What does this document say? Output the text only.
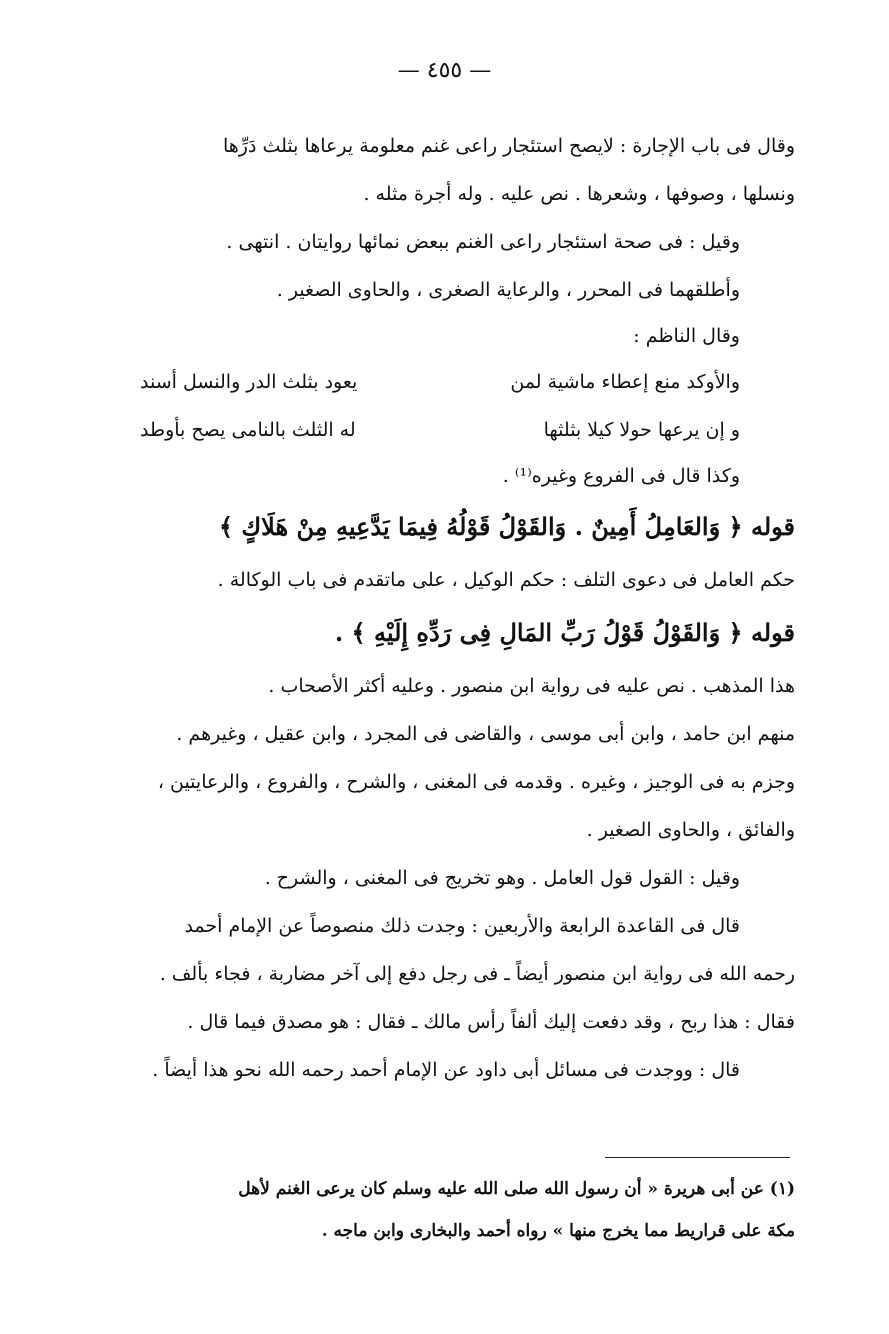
— ٤٥٥ —
وقال فى باب الإجارة : لايصح استئجار راعى غنم معلومة يرعاها بثلث دَرِّها
ونسلها ، وصوفها ، وشعرها . نص عليه . وله أجرة مثله .
وقيل : فى صحة استئجار راعى الغنم ببعض نمائها روايتان . انتهى .
وأطلقهما فى المحرر ، والرعاية الصغرى ، والحاوى الصغير .
وقال الناظم :
والأوكد منع إعطاء ماشية لمن
يعود بثلث الدر والنسل أسند
و إن يرعها حولا كيلا بثلثها
له الثلث بالنامى يصح بأوطد
وكذا قال فى الفروع وغيره⁽¹⁾ .
قوله ﴿ وَالعَامِلُ أَمِينٌ . وَالقَوْلُ قَوْلُهُ فِيمَا يَدَّعِيهِ مِنْ هَلَاكٍ ﴾
حكم العامل فى دعوى التلف : حكم الوكيل ، على ماتقدم فى باب الوكالة .
قوله ﴿ وَالقَوْلُ قَوْلُ رَبِّ المَالِ فِى رَدِّهِ إِلَيْهِ ﴾ .
هذا المذهب . نص عليه فى رواية ابن منصور . وعليه أكثر الأصحاب .
منهم ابن حامد ، وابن أبى موسى ، والقاضى فى المجرد ، وابن عقيل ، وغيرهم .
وجزم به فى الوجيز ، وغيره . وقدمه فى المغنى ، والشرح ، والفروع ، والرعايتين ،
والفائق ، والحاوى الصغير .
وقيل : القول قول العامل . وهو تخريج فى المغنى ، والشرح .
قال فى القاعدة الرابعة والأربعين : وجدت ذلك منصوصاً عن الإمام أحمد
رحمه الله فى رواية ابن منصور أيضاً ـ فى رجل دفع إلى آخر مضاربة ، فجاء بألف .
فقال : هذا ربح ، وقد دفعت إليك ألفاً رأس مالك ـ فقال : هو مصدق فيما قال .
قال : ووجدت فى مسائل أبى داود عن الإمام أحمد رحمه الله نحو هذا أيضاً .
(١) عن أبى هريرة « أن رسول الله صلى الله عليه وسلم كان يرعى الغنم لأهل
مكة على قراريط مما يخرج منها » رواه أحمد والبخارى وابن ماجه .
